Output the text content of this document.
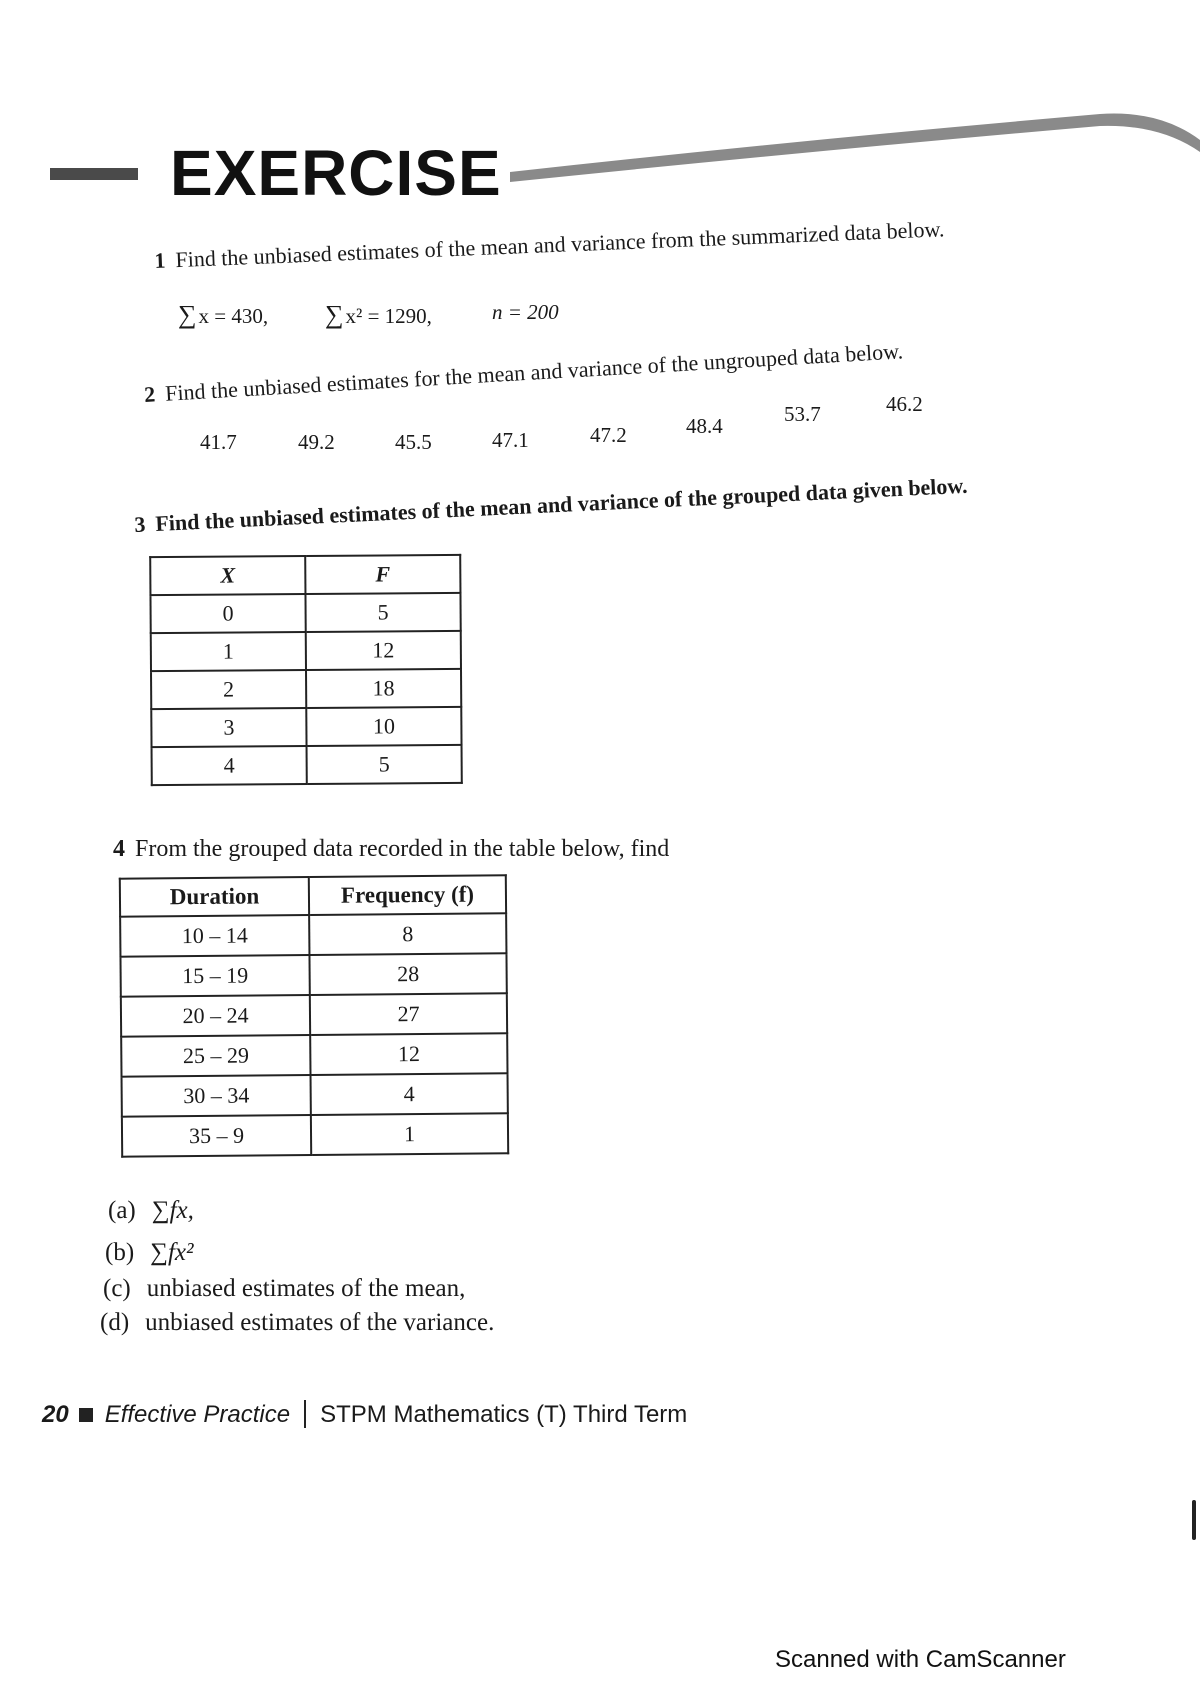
EXERCISE
1 Find the unbiased estimates of the mean and variance from the summarized data below.
∑x = 430, ∑x² = 1290,	n = 200
2 Find the unbiased estimates for the mean and variance of the ungrouped data below.
41.7	49.2	45.5	47.1	47.2	48.4	53.7	46.2
3 Find the unbiased estimates of the mean and variance of the grouped data given below.
X	F
0	5
1	12
2	18
3	10
4	5
4 From the grouped data recorded in the table below, find
Duration	Frequency (f)
10 – 14	8
15 – 19	28
20 – 24	27
25 – 29	12
30 – 34	4
35 – 9	1
(a) ∑fx,
(b) ∑fx²
(c) unbiased estimates of the mean,
(d) unbiased estimates of the variance.
20 Effective Practice STPM Mathematics (T) Third Term
Scanned with CamScanner
